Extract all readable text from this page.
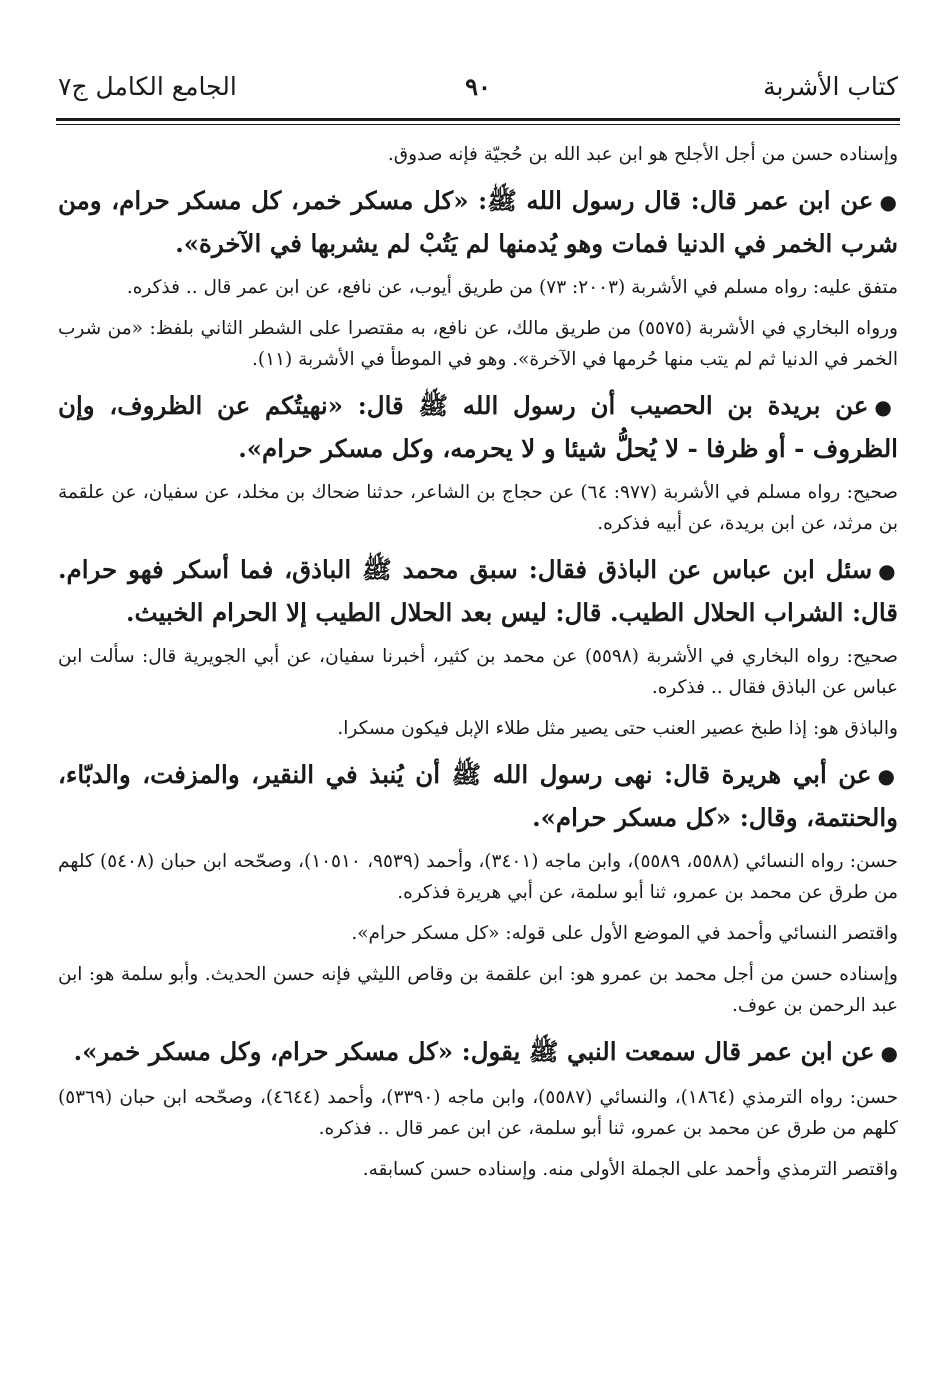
كتاب الأشربة
٩٠
الجامع الكامل ج٧

وإسناده حسن من أجل الأجلح هو ابن عبد الله بن حُجيّة فإنه صدوق.

●عن ابن عمر قال: قال رسول الله ﷺ: «كل مسكر خمر، كل مسكر حرام، ومن شرب الخمر في الدنيا فمات وهو يُدمنها لم يَتُبْ لم يشربها في الآخرة».

متفق عليه: رواه مسلم في الأشربة (٢٠٠٣: ٧٣) من طريق أيوب، عن نافع، عن ابن عمر قال .. فذكره.

ورواه البخاري في الأشربة (٥٥٧٥) من طريق مالك، عن نافع، به مقتصرا على الشطر الثاني بلفظ: «من شرب الخمر في الدنيا ثم لم يتب منها حُرمها في الآخرة». وهو في الموطأ في الأشربة (١١).

●عن بريدة بن الحصيب أن رسول الله ﷺ قال: «نهيتُكم عن الظروف، وإن الظروف - أو ظرفا - لا يُحلُّ شيئا و لا يحرمه، وكل مسكر حرام».

صحيح: رواه مسلم في الأشربة (٩٧٧: ٦٤) عن حجاج بن الشاعر، حدثنا ضحاك بن مخلد، عن سفيان، عن علقمة بن مرثد، عن ابن بريدة، عن أبيه فذكره.

●سئل ابن عباس عن الباذق فقال: سبق محمد ﷺ الباذق، فما أسكر فهو حرام. قال: الشراب الحلال الطيب. قال: ليس بعد الحلال الطيب إلا الحرام الخبيث.

صحيح: رواه البخاري في الأشربة (٥٥٩٨) عن محمد بن كثير، أخبرنا سفيان، عن أبي الجويرية قال: سألت ابن عباس عن الباذق فقال .. فذكره.

والباذق هو: إذا طبخ عصير العنب حتى يصير مثل طلاء الإبل فيكون مسكرا.

●عن أبي هريرة قال: نهى رسول الله ﷺ أن يُنبذ في النقير، والمزفت، والدبّاء، والحنتمة، وقال: «كل مسكر حرام».

حسن: رواه النسائي (٥٥٨٨، ٥٥٨٩)، وابن ماجه (٣٤٠١)، وأحمد (٩٥٣٩، ١٠٥١٠)، وصحّحه ابن حبان (٥٤٠٨) كلهم من طرق عن محمد بن عمرو، ثنا أبو سلمة، عن أبي هريرة فذكره.

واقتصر النسائي وأحمد في الموضع الأول على قوله: «كل مسكر حرام».

وإسناده حسن من أجل محمد بن عمرو هو: ابن علقمة بن وقاص الليثي فإنه حسن الحديث. وأبو سلمة هو: ابن عبد الرحمن بن عوف.

●عن ابن عمر قال سمعت النبي ﷺ يقول: «كل مسكر حرام، وكل مسكر خمر».

حسن: رواه الترمذي (١٨٦٤)، والنسائي (٥٥٨٧)، وابن ماجه (٣٣٩٠)، وأحمد (٤٦٤٤)، وصحّحه ابن حبان (٥٣٦٩) كلهم من طرق عن محمد بن عمرو، ثنا أبو سلمة، عن ابن عمر قال .. فذكره.

واقتصر الترمذي وأحمد على الجملة الأولى منه. وإسناده حسن كسابقه.
